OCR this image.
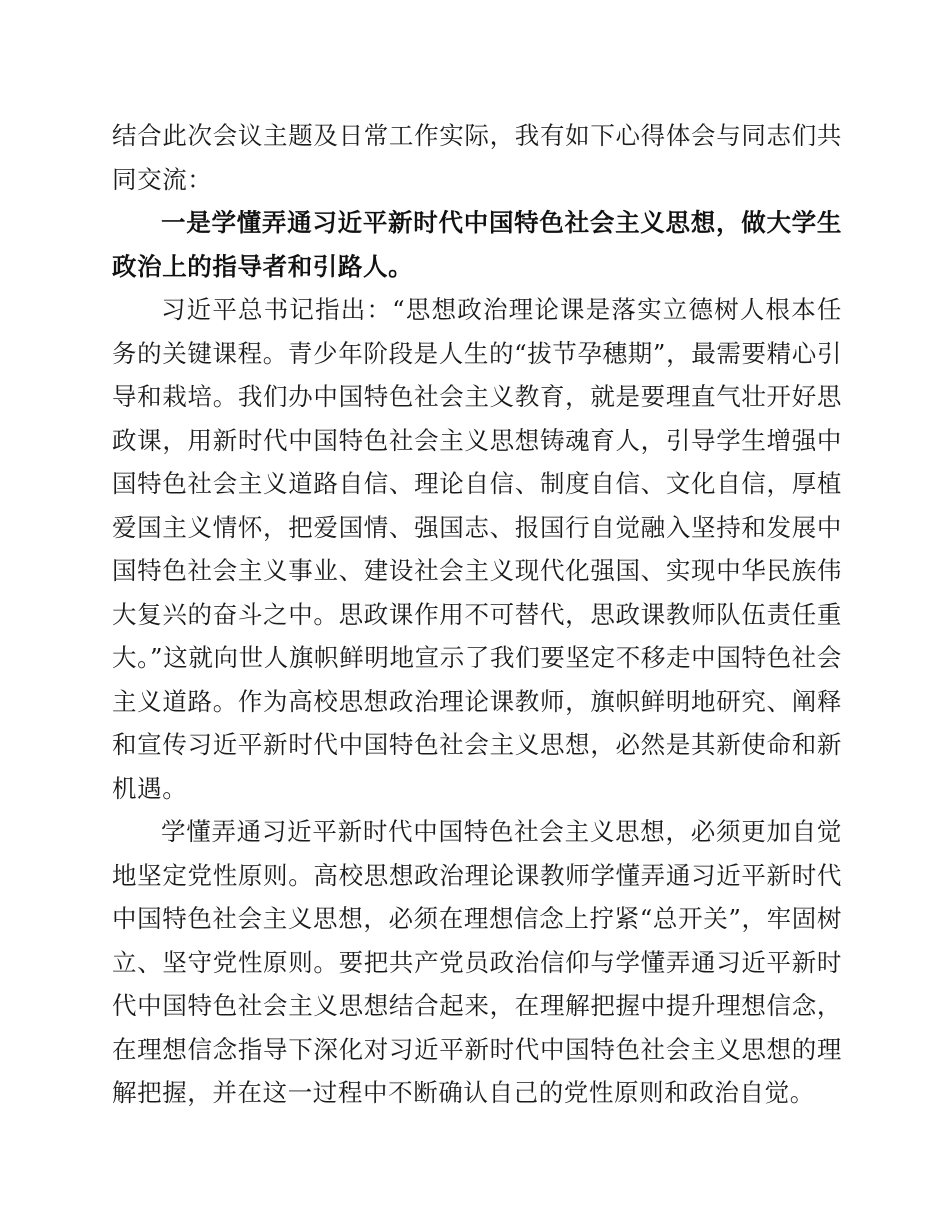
结合此次会议主题及日常工作实际，我有如下心得体会与同志们共同交流：

一是学懂弄通习近平新时代中国特色社会主义思想，做大学生政治上的指导者和引路人。

习近平总书记指出：“思想政治理论课是落实立德树人根本任务的关键课程。青少年阶段是人生的“拔节孕穗期”，最需要精心引导和栽培。我们办中国特色社会主义教育，就是要理直气壮开好思政课，用新时代中国特色社会主义思想铸魂育人，引导学生增强中国特色社会主义道路自信、理论自信、制度自信、文化自信，厚植爱国主义情怀，把爱国情、强国志、报国行自觉融入坚持和发展中国特色社会主义事业、建设社会主义现代化强国、实现中华民族伟大复兴的奋斗之中。思政课作用不可替代，思政课教师队伍责任重大。”这就向世人旗帜鲜明地宣示了我们要坚定不移走中国特色社会主义道路。作为高校思想政治理论课教师，旗帜鲜明地研究、阐释和宣传习近平新时代中国特色社会主义思想，必然是其新使命和新机遇。

学懂弄通习近平新时代中国特色社会主义思想，必须更加自觉地坚定党性原则。高校思想政治理论课教师学懂弄通习近平新时代中国特色社会主义思想，必须在理想信念上拧紧“总开关”，牢固树立、坚守党性原则。要把共产党员政治信仰与学懂弄通习近平新时代中国特色社会主义思想结合起来，在理解把握中提升理想信念，在理想信念指导下深化对习近平新时代中国特色社会主义思想的理解把握，并在这一过程中不断确认自己的党性原则和政治自觉。
